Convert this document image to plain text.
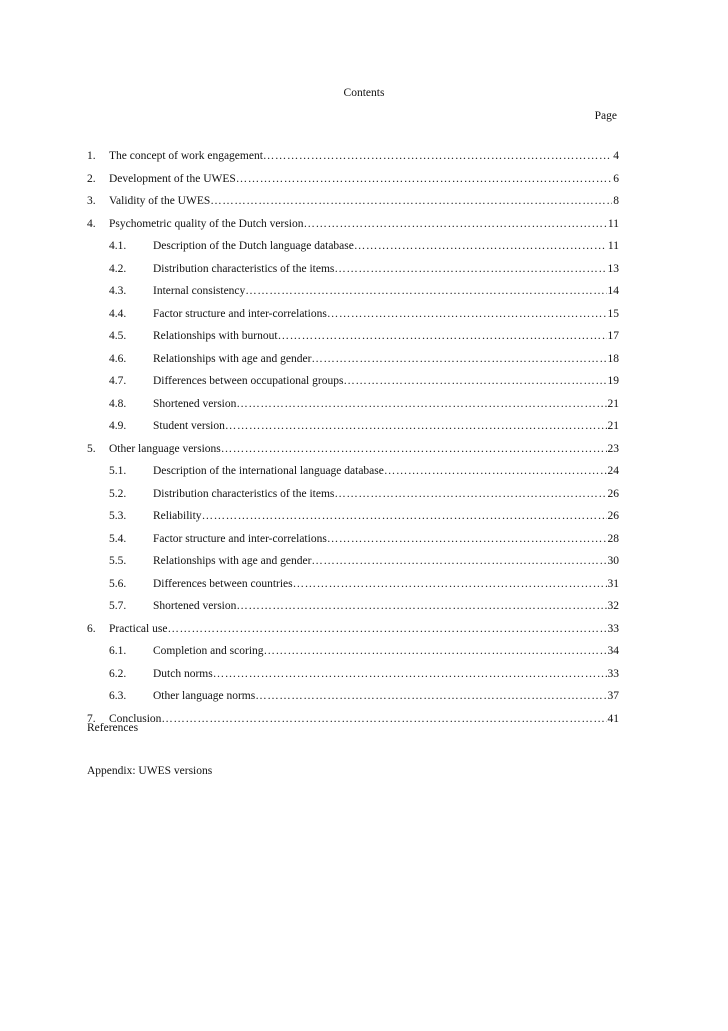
Contents
Page
1. The concept of work engagement ……………………………………………………………………………………………………………………………………………………………………………	4
2. Development of the UWES ……………………………………………………………………………………………………………………………………………………………………………	6
3. Validity of the UWES ……………………………………………………………………………………………………………………………………………………………………………	8
4. Psychometric quality of the Dutch version ……………………………………………………………………………………………………………………………………………………………………………	11
4.1. Description of the Dutch language database ……………………………………………………………………………………………………………………………………………………………………………	11
4.2. Distribution characteristics of the items ……………………………………………………………………………………………………………………………………………………………………………	13
4.3. Internal consistency ……………………………………………………………………………………………………………………………………………………………………………	14
4.4. Factor structure and inter-correlations ……………………………………………………………………………………………………………………………………………………………………………	15
4.5. Relationships with burnout ……………………………………………………………………………………………………………………………………………………………………………	17
4.6. Relationships with age and gender ……………………………………………………………………………………………………………………………………………………………………………	18
4.7. Differences between occupational groups ……………………………………………………………………………………………………………………………………………………………………………	19
4.8. Shortened version ……………………………………………………………………………………………………………………………………………………………………………	21
4.9. Student version ……………………………………………………………………………………………………………………………………………………………………………	21
5. Other language versions ……………………………………………………………………………………………………………………………………………………………………………	23
5.1. Description of the international language database ……………………………………………………………………………………………………………………………………………………………………………	24
5.2. Distribution characteristics of the items ……………………………………………………………………………………………………………………………………………………………………………	26
5.3. Reliability ……………………………………………………………………………………………………………………………………………………………………………	26
5.4. Factor structure and inter-correlations ……………………………………………………………………………………………………………………………………………………………………………	28
5.5. Relationships with age and gender ……………………………………………………………………………………………………………………………………………………………………………	30
5.6. Differences between countries ……………………………………………………………………………………………………………………………………………………………………………	31
5.7. Shortened version ……………………………………………………………………………………………………………………………………………………………………………	32
6. Practical use ……………………………………………………………………………………………………………………………………………………………………………	33
6.1. Completion and scoring ……………………………………………………………………………………………………………………………………………………………………………	34
6.2. Dutch norms ……………………………………………………………………………………………………………………………………………………………………………	33
6.3. Other language norms ……………………………………………………………………………………………………………………………………………………………………………	37
7. Conclusion ……………………………………………………………………………………………………………………………………………………………………………	41
References
Appendix: UWES versions
